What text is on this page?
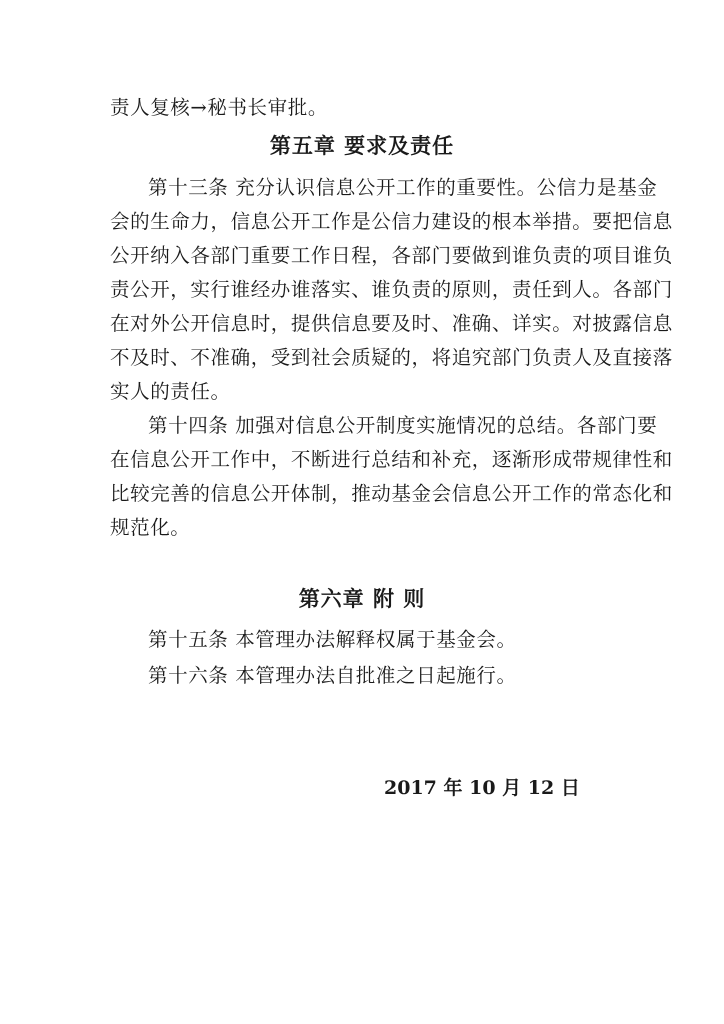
责人复核→秘书长审批。
第五章 要求及责任
第十三条 充分认识信息公开工作的重要性。公信力是基金
会的生命力，信息公开工作是公信力建设的根本举措。要把信息
公开纳入各部门重要工作日程，各部门要做到谁负责的项目谁负
责公开，实行谁经办谁落实、谁负责的原则，责任到人。各部门
在对外公开信息时，提供信息要及时、准确、详实。对披露信息
不及时、不准确，受到社会质疑的，将追究部门负责人及直接落
实人的责任。
第十四条 加强对信息公开制度实施情况的总结。各部门要
在信息公开工作中，不断进行总结和补充，逐渐形成带规律性和
比较完善的信息公开体制，推动基金会信息公开工作的常态化和
规范化。
第六章 附 则
第十五条 本管理办法解释权属于基金会。
第十六条 本管理办法自批准之日起施行。
2017 年 10 月 12 日
